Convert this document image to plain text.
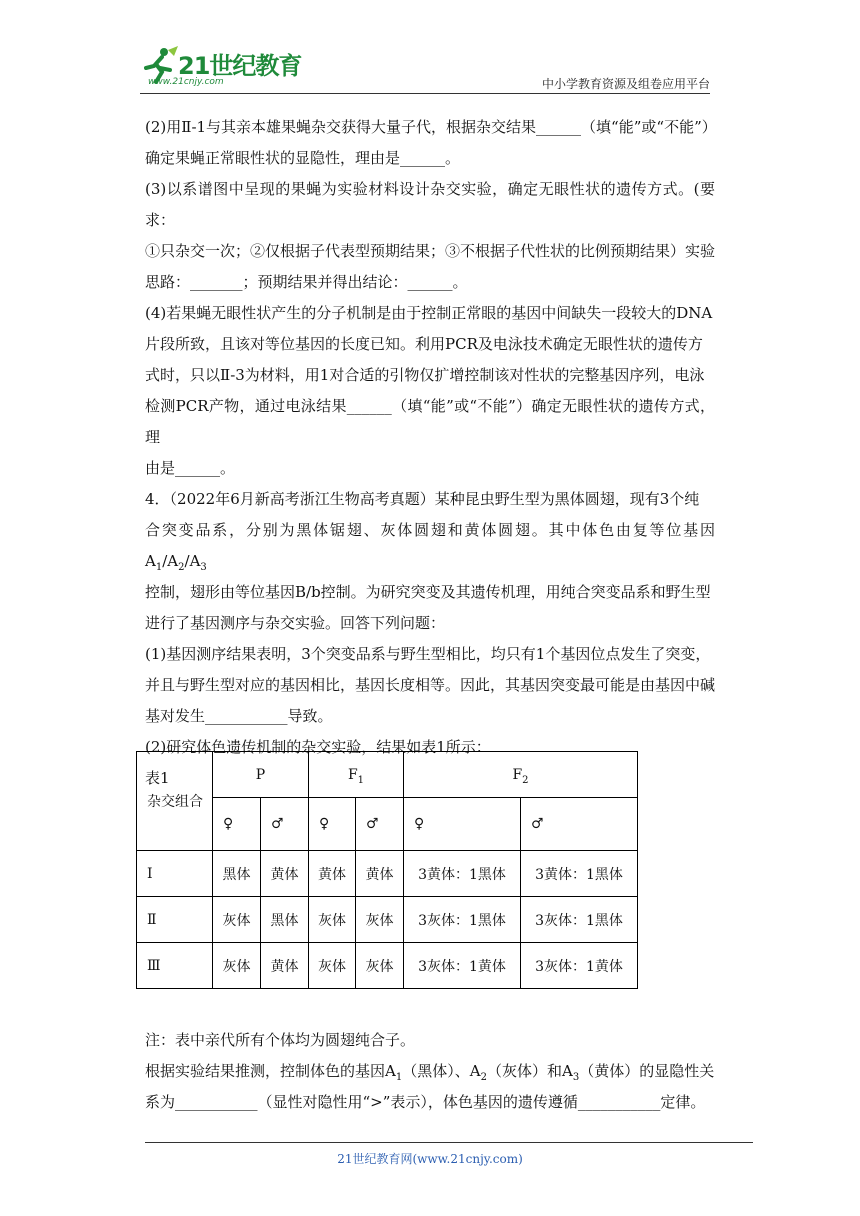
21世纪教育
www.21cnjy.com	中小学教育资源及组卷应用平台

(2)用Ⅱ-1与其亲本雄果蝇杂交获得大量子代，根据杂交结果______（填“能”或“不能”）

确定果蝇正常眼性状的显隐性，理由是______。

(3)以系谱图中呈现的果蝇为实验材料设计杂交实验，确定无眼性状的遗传方式。(要求：

①只杂交一次；②仅根据子代表型预期结果；③不根据子代性状的比例预期结果）实验

思路：_______；预期结果并得出结论：______。

(4)若果蝇无眼性状产生的分子机制是由于控制正常眼的基因中间缺失一段较大的DNA

片段所致，且该对等位基因的长度已知。利用PCR及电泳技术确定无眼性状的遗传方

式时，只以Ⅱ-3为材料，用1对合适的引物仅扩增控制该对性状的完整基因序列，电泳

检测PCR产物，通过电泳结果______（填“能”或“不能”）确定无眼性状的遗传方式，理

由是______。

4．（2022年6月新高考浙江生物高考真题）某种昆虫野生型为黑体圆翅，现有3个纯

合突变品系，分别为黑体锯翅、灰体圆翅和黄体圆翅。其中体色由复等位基因$A_1/A_2/A_3$

控制，翅形由等位基因B/b控制。为研究突变及其遗传机理，用纯合突变品系和野生型

进行了基因测序与杂交实验。回答下列问题：

(1)基因测序结果表明，3个突变品系与野生型相比，均只有1个基因位点发生了突变，

并且与野生型对应的基因相比，基因长度相等。因此，其基因突变最可能是由基因中碱

基对发生___________导致。

(2)研究体色遗传机制的杂交实验，结果如表1所示：

表1

杂交组合	P		$F_1$		$F_2$
	♀	♂	♀	♂	♀	♂
Ⅰ	黑体	黄体	黄体	黄体	3黄体：1黑体	3黄体：1黑体
Ⅱ	灰体	黑体	灰体	灰体	3灰体：1黑体	3灰体：1黑体
Ⅲ	灰体	黄体	灰体	灰体	3灰体：1黄体	3灰体：1黄体

注：表中亲代所有个体均为圆翅纯合子。

根据实验结果推测，控制体色的基因$A_1$（黑体）、$A_2$（灰体）和$A_3$（黄体）的显隐性关

系为___________（显性对隐性用“>”表示），体色基因的遗传遵循___________定律。

21世纪教育网(www.21cnjy.com)
